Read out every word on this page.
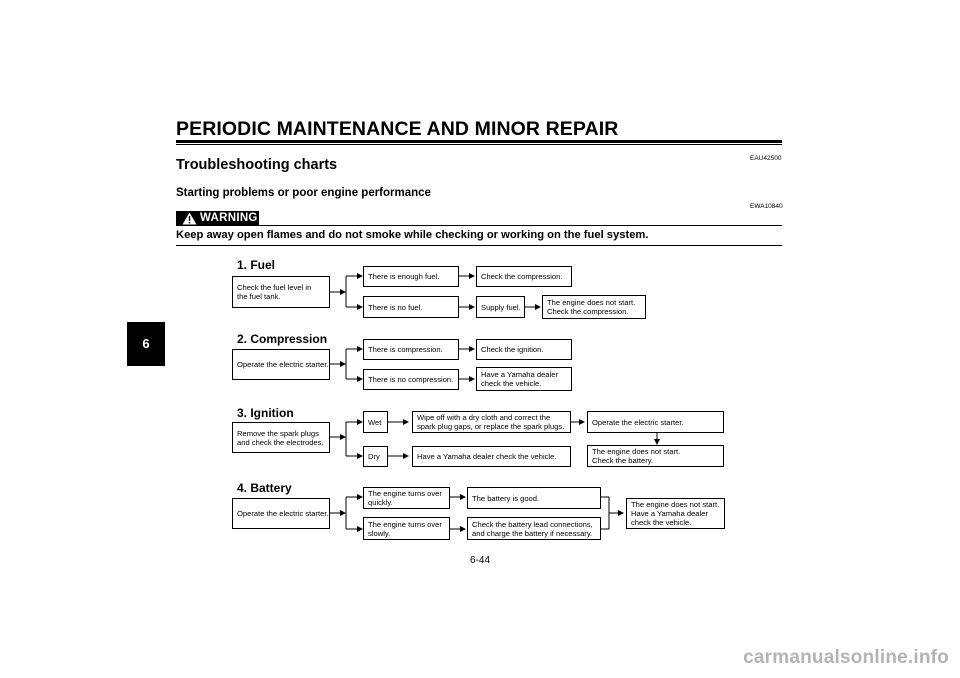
PERIODIC MAINTENANCE AND MINOR REPAIR
EAU42500
Troubleshooting charts
Starting problems or poor engine performance
WARNING
EWA10840
Keep away open flames and do not smoke while checking or working on the fuel system.
6
1. Fuel
Check the fuel level in
the fuel tank.
There is enough fuel.	Check the compression.
There is no fuel.	Supply fuel.	The engine does not start.
Check the compression.
2. Compression
Operate the electric starter.
There is compression.	Check the ignition.
There is no compression.
Have a Yamaha dealer
check the vehicle.
3. Ignition
Remove the spark plugs
and check the electrodes.
Wet	Wipe off with a dry cloth and correct the
spark plug gaps, or replace the spark plugs.	Operate the electric starter.
The engine does not start.
Check the battery.
Dry	Have a Yamaha dealer check the vehicle.
4. Battery
Operate the electric starter.
The engine turns over
quickly.	The battery is good.
The engine turns over
slowly.
Check the battery lead connections,
and charge the battery if necessary.
The engine does not start.
Have a Yamaha dealer
check the vehicle.
6-44
carmanualsonline.info
